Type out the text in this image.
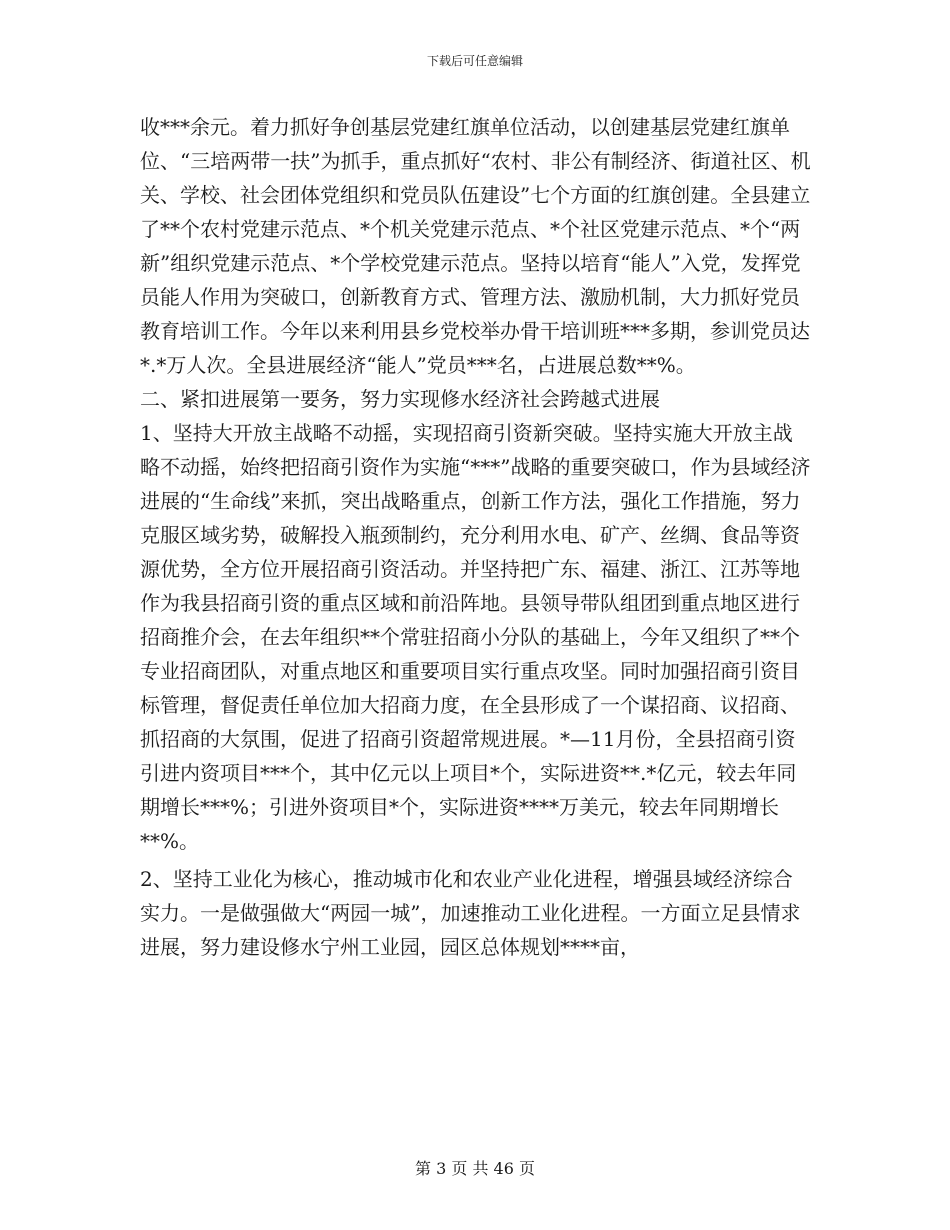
下载后可任意编辑

收***余元。着力抓好争创基层党建红旗单位活动，以创建基层党建红旗单位、“三培两带一扶”为抓手，重点抓好“农村、非公有制经济、街道社区、机关、学校、社会团体党组织和党员队伍建设”七个方面的红旗创建。全县建立了**个农村党建示范点、*个机关党建示范点、*个社区党建示范点、*个“两新”组织党建示范点、*个学校党建示范点。坚持以培育“能人”入党，发挥党员能人作用为突破口，创新教育方式、管理方法、激励机制，大力抓好党员教育培训工作。今年以来利用县乡党校举办骨干培训班***多期，参训党员达*.*万人次。全县进展经济“能人”党员***名，占进展总数**%。

二、紧扣进展第一要务，努力实现修水经济社会跨越式进展

1、坚持大开放主战略不动摇，实现招商引资新突破。坚持实施大开放主战略不动摇，始终把招商引资作为实施“***”战略的重要突破口，作为县域经济进展的“生命线”来抓，突出战略重点，创新工作方法，强化工作措施，努力克服区域劣势，破解投入瓶颈制约，充分利用水电、矿产、丝绸、食品等资源优势，全方位开展招商引资活动。并坚持把广东、福建、浙江、江苏等地作为我县招商引资的重点区域和前沿阵地。县领导带队组团到重点地区进行招商推介会，在去年组织**个常驻招商小分队的基础上，今年又组织了**个专业招商团队，对重点地区和重要项目实行重点攻坚。同时加强招商引资目标管理，督促责任单位加大招商力度，在全县形成了一个谋招商、议招商、抓招商的大氛围，促进了招商引资超常规进展。*—11月份，全县招商引资引进内资项目***个，其中亿元以上项目*个，实际进资**.*亿元，较去年同期增长***%；引进外资项目*个，实际进资****万美元，较去年同期增长**%。

2、坚持工业化为核心，推动城市化和农业产业化进程，增强县域经济综合实力。一是做强做大“两园一城”，加速推动工业化进程。一方面立足县情求进展，努力建设修水宁州工业园，园区总体规划****亩，

第 3 页 共 46 页
